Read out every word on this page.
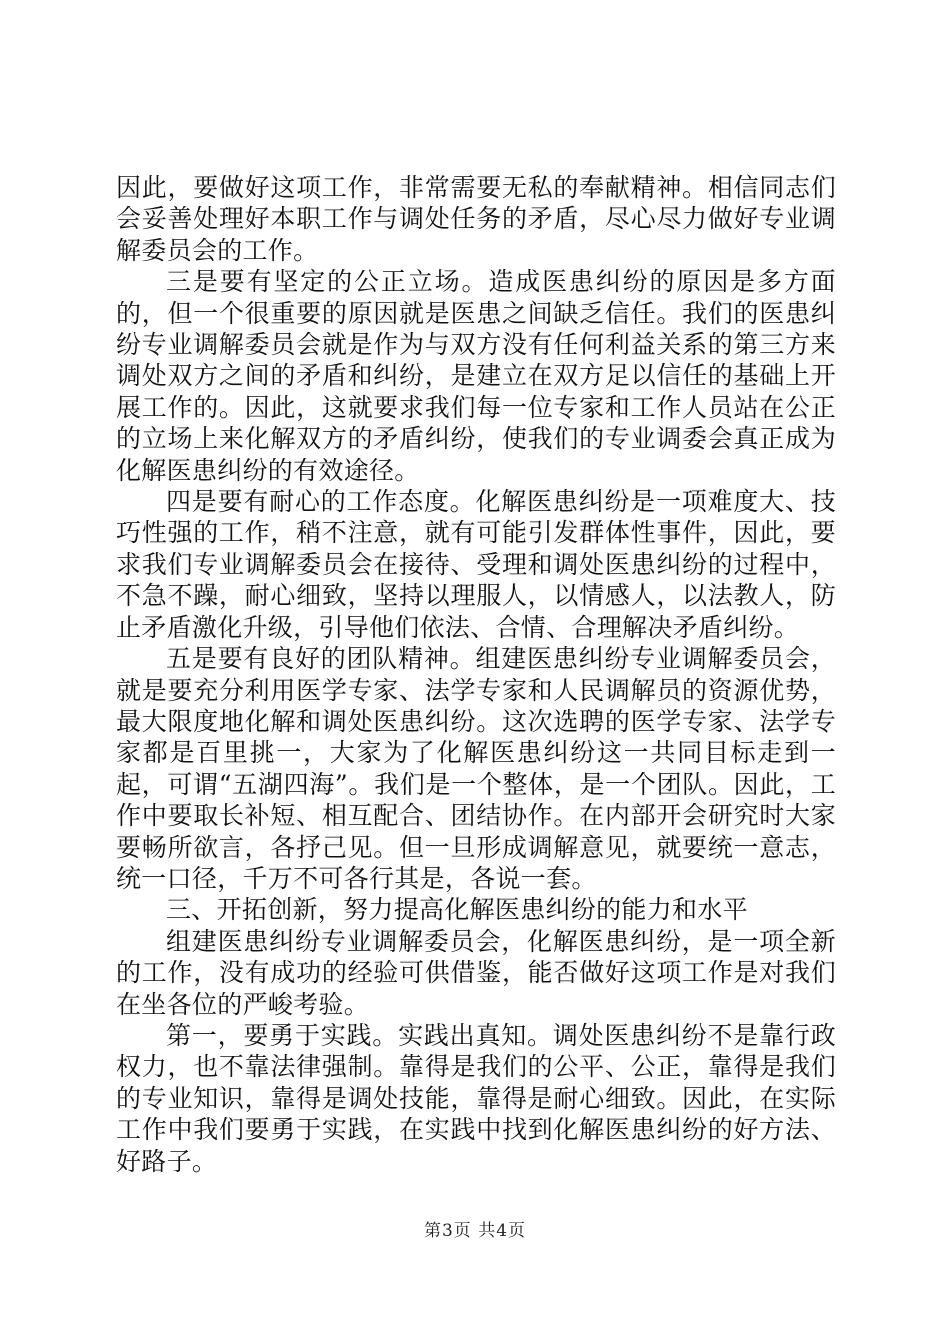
因此，要做好这项工作，非常需要无私的奉献精神。相信同志们会妥善处理好本职工作与调处任务的矛盾，尽心尽力做好专业调解委员会的工作。

三是要有坚定的公正立场。造成医患纠纷的原因是多方面的，但一个很重要的原因就是医患之间缺乏信任。我们的医患纠纷专业调解委员会就是作为与双方没有任何利益关系的第三方来调处双方之间的矛盾和纠纷，是建立在双方足以信任的基础上开展工作的。因此，这就要求我们每一位专家和工作人员站在公正的立场上来化解双方的矛盾纠纷，使我们的专业调委会真正成为化解医患纠纷的有效途径。

四是要有耐心的工作态度。化解医患纠纷是一项难度大、技巧性强的工作，稍不注意，就有可能引发群体性事件，因此，要求我们专业调解委员会在接待、受理和调处医患纠纷的过程中，不急不躁，耐心细致，坚持以理服人，以情感人，以法教人，防止矛盾激化升级，引导他们依法、合情、合理解决矛盾纠纷。

五是要有良好的团队精神。组建医患纠纷专业调解委员会，就是要充分利用医学专家、法学专家和人民调解员的资源优势，最大限度地化解和调处医患纠纷。这次选聘的医学专家、法学专家都是百里挑一，大家为了化解医患纠纷这一共同目标走到一起，可谓“五湖四海”。我们是一个整体，是一个团队。因此，工作中要取长补短、相互配合、团结协作。在内部开会研究时大家要畅所欲言，各抒己见。但一旦形成调解意见，就要统一意志，统一口径，千万不可各行其是，各说一套。

三、开拓创新，努力提高化解医患纠纷的能力和水平

组建医患纠纷专业调解委员会，化解医患纠纷，是一项全新的工作，没有成功的经验可供借鉴，能否做好这项工作是对我们在坐各位的严峻考验。

第一，要勇于实践。实践出真知。调处医患纠纷不是靠行政权力，也不靠法律强制。靠得是我们的公平、公正，靠得是我们的专业知识，靠得是调处技能，靠得是耐心细致。因此，在实际工作中我们要勇于实践，在实践中找到化解医患纠纷的好方法、好路子。

第3页 共4页
